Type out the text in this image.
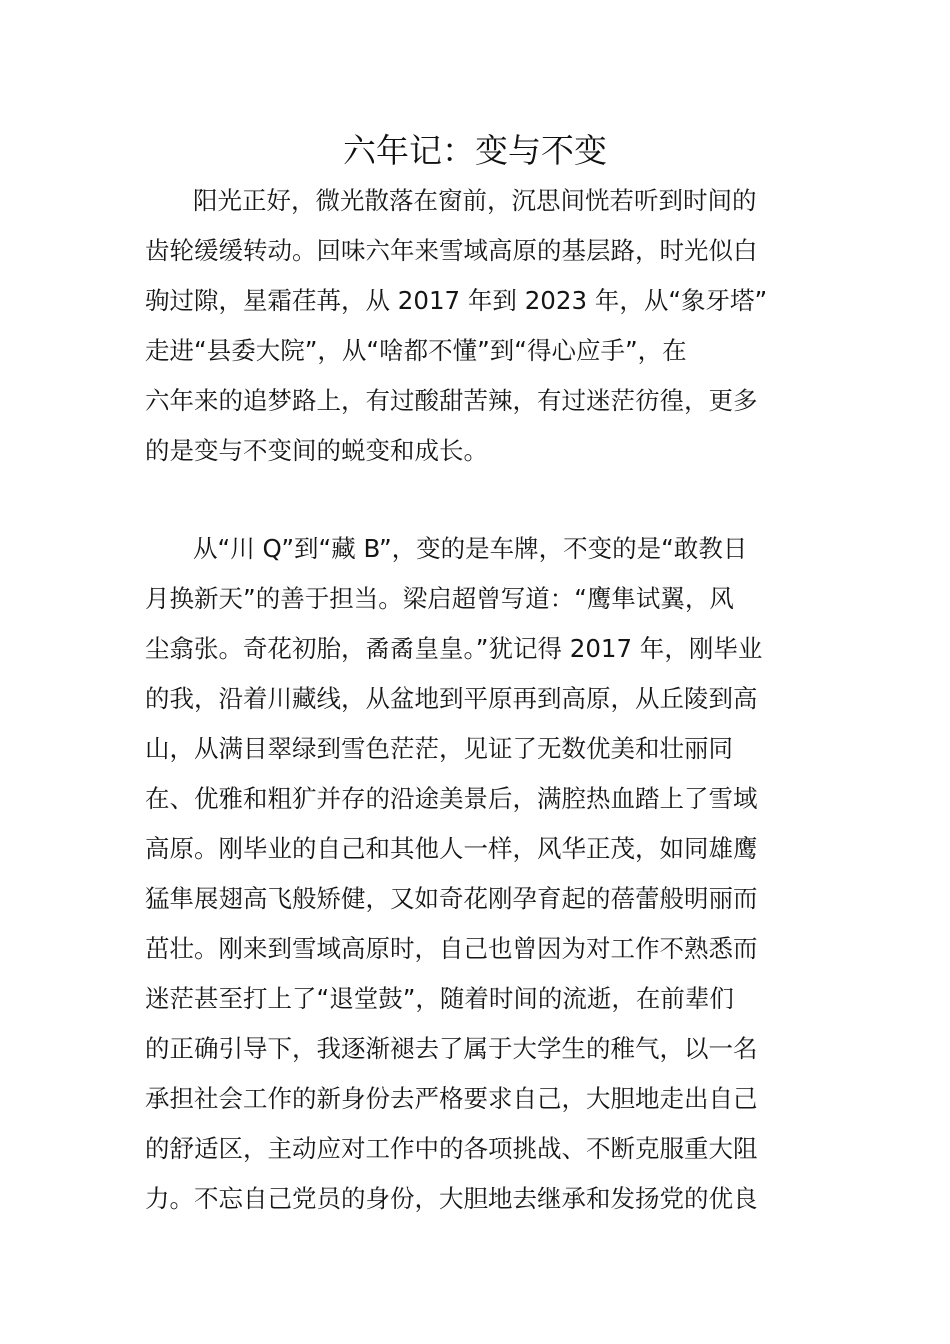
六年记：变与不变
阳光正好，微光散落在窗前，沉思间恍若听到时间的
齿轮缓缓转动。回味六年来雪域高原的基层路，时光似白
驹过隙，星霜荏苒，从 2017 年到 2023 年，从“象牙塔”
走进“县委大院”，从“啥都不懂”到“得心应手”，在
六年来的追梦路上，有过酸甜苦辣，有过迷茫彷徨，更多
的是变与不变间的蜕变和成长。
从“川 Q”到“藏 B”，变的是车牌，不变的是“敢教日
月换新天”的善于担当。梁启超曾写道：“鹰隼试翼，风
尘翕张。奇花初胎，矞矞皇皇。”犹记得 2017 年，刚毕业
的我，沿着川藏线，从盆地到平原再到高原，从丘陵到高
山，从满目翠绿到雪色茫茫，见证了无数优美和壮丽同
在、优雅和粗犷并存的沿途美景后，满腔热血踏上了雪域
高原。刚毕业的自己和其他人一样，风华正茂，如同雄鹰
猛隼展翅高飞般矫健，又如奇花刚孕育起的蓓蕾般明丽而
茁壮。刚来到雪域高原时，自己也曾因为对工作不熟悉而
迷茫甚至打上了“退堂鼓”，随着时间的流逝，在前辈们
的正确引导下，我逐渐褪去了属于大学生的稚气，以一名
承担社会工作的新身份去严格要求自己，大胆地走出自己
的舒适区，主动应对工作中的各项挑战、不断克服重大阻
力。不忘自己党员的身份，大胆地去继承和发扬党的优良
